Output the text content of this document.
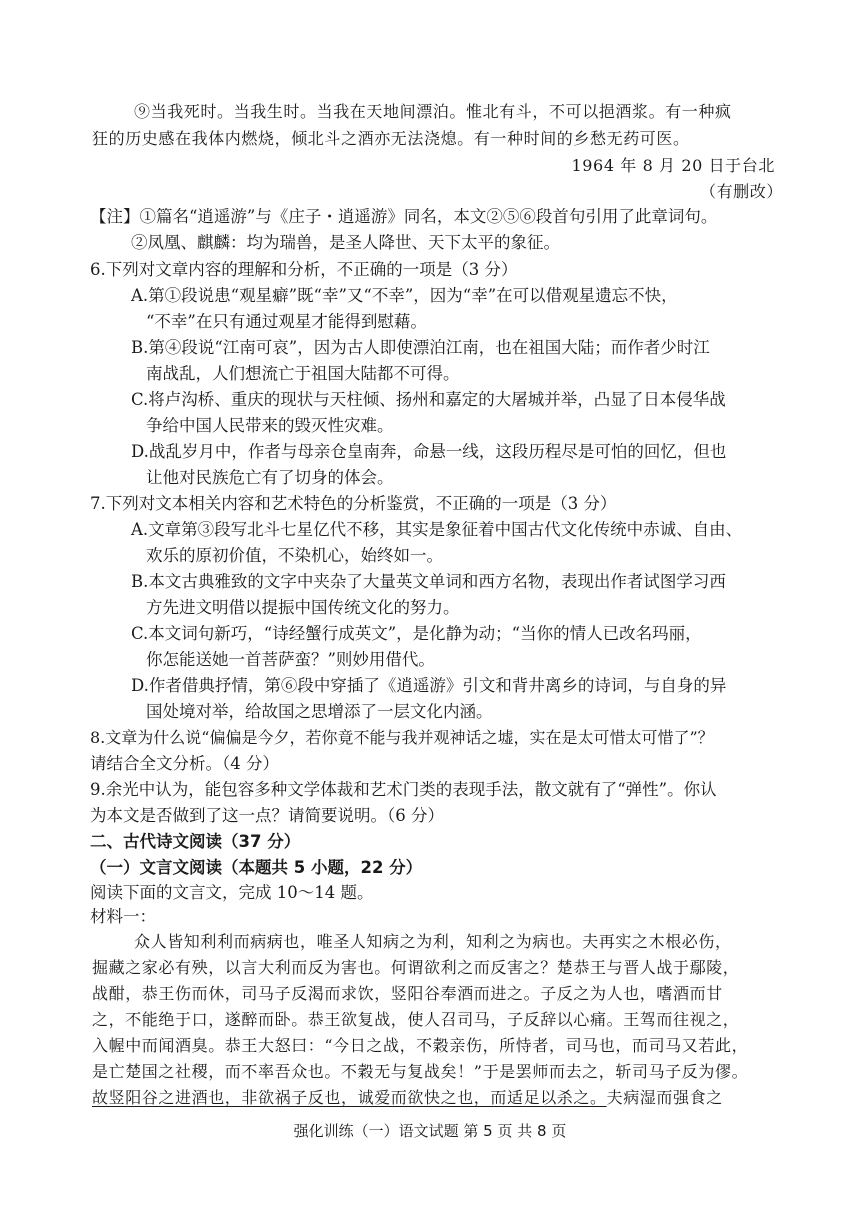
⑨当我死时。当我生时。当我在天地间漂泊。惟北有斗，不可以挹酒浆。有一种疯
狂的历史感在我体内燃烧，倾北斗之酒亦无法浇熄。有一种时间的乡愁无药可医。
1964 年 8 月 20 日于台北
（有删改）
【注】①篇名“逍遥游”与《庄子・逍遥游》同名，本文②⑤⑥段首句引用了此章词句。
②凤凰、麒麟：均为瑞兽，是圣人降世、天下太平的象征。
6.下列对文章内容的理解和分析，不正确的一项是（3 分）
A.第①段说患“观星癖”既“幸”又“不幸”，因为“幸”在可以借观星遗忘不快，
“不幸”在只有通过观星才能得到慰藉。
B.第④段说“江南可哀”，因为古人即使漂泊江南，也在祖国大陆；而作者少时江
南战乱，人们想流亡于祖国大陆都不可得。
C.将卢沟桥、重庆的现状与天柱倾、扬州和嘉定的大屠城并举，凸显了日本侵华战
争给中国人民带来的毁灭性灾难。
D.战乱岁月中，作者与母亲仓皇南奔，命悬一线，这段历程尽是可怕的回忆，但也
让他对民族危亡有了切身的体会。
7.下列对文本相关内容和艺术特色的分析鉴赏，不正确的一项是（3 分）
A.文章第③段写北斗七星亿代不移，其实是象征着中国古代文化传统中赤诚、自由、
欢乐的原初价值，不染机心，始终如一。
B.本文古典雅致的文字中夹杂了大量英文单词和西方名物，表现出作者试图学习西
方先进文明借以提振中国传统文化的努力。
C.本文词句新巧，“诗经蟹行成英文”，是化静为动；“当你的情人已改名玛丽，
你怎能送她一首菩萨蛮？”则妙用借代。
D.作者借典抒情，第⑥段中穿插了《逍遥游》引文和背井离乡的诗词，与自身的异
国处境对举，给故国之思增添了一层文化内涵。
8.文章为什么说“偏偏是今夕，若你竟不能与我并观神话之墟，实在是太可惜太可惜了”？
请结合全文分析。（4 分）
9.余光中认为，能包容多种文学体裁和艺术门类的表现手法，散文就有了“弹性”。你认
为本文是否做到了这一点？请简要说明。（6 分）
二、古代诗文阅读（37 分）
（一）文言文阅读（本题共 5 小题，22 分）
阅读下面的文言文，完成 10～14 题。
材料一：
众人皆知利利而病病也，唯圣人知病之为利，知利之为病也。夫再实之木根必伤，
掘藏之家必有殃，以言大利而反为害也。何谓欲利之而反害之？楚恭王与晋人战于鄢陵，
战酣，恭王伤而休，司马子反渴而求饮，竖阳谷奉酒而进之。子反之为人也，嗜酒而甘
之，不能绝于口，遂醉而卧。恭王欲复战，使人召司马，子反辞以心痛。王驾而往视之，
入幄中而闻酒臭。恭王大怒曰：“今日之战，不穀亲伤，所恃者，司马也，而司马又若此，
是亡楚国之社稷，而不率吾众也。不穀无与复战矣！”于是罢师而去之，斩司马子反为僇。
故竖阳谷之进酒也，非欲祸子反也，诚爱而欲快之也，而适足以杀之。夫病湿而强食之
强化训练（一）语文试题 第 5 页 共 8 页
